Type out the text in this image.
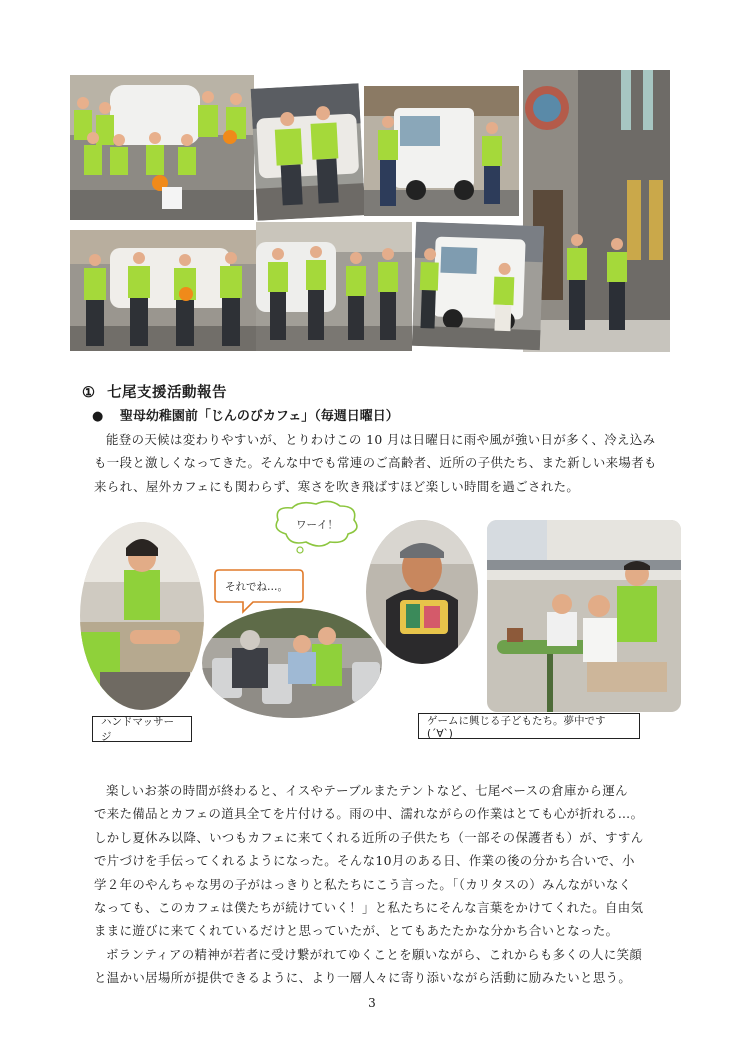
① 七尾支援活動報告
● 聖母幼稚園前「じんのびカフェ」（毎週日曜日）

能登の天候は変わりやすいが、とりわけこの 10 月は日曜日に雨や風が強い日が多く、冷え込み

も一段と激しくなってきた。そんな中でも常連のご高齢者、近所の子供たち、また新しい来場者も

来られ、屋外カフェにも関わらず、寒さを吹き飛ばすほど楽しい時間を過ごされた。

ワーイ！
それでね…。
ハンドマッサージ
ゲームに興じる子どもたち。夢中です(´∀`)

楽しいお茶の時間が終わると、イスやテーブルまたテントなど、七尾ベースの倉庫から運ん

で来た備品とカフェの道具全てを片付ける。雨の中、濡れながらの作業はとても心が折れる…。

しかし夏休み以降、いつもカフェに来てくれる近所の子供たち（一部その保護者も）が、すすん

で片づけを手伝ってくれるようになった。そんな10月のある日、作業の後の分かち合いで、小

学２年のやんちゃな男の子がはっきりと私たちにこう言った。「（カリタスの）みんながいなく

なっても、このカフェは僕たちが続けていく！」と私たちにそんな言葉をかけてくれた。自由気

ままに遊びに来てくれているだけと思っていたが、とてもあたたかな分かち合いとなった。

ボランティアの精神が若者に受け繋がれてゆくことを願いながら、これからも多くの人に笑顔

と温かい居場所が提供できるように、より一層人々に寄り添いながら活動に励みたいと思う。

3
